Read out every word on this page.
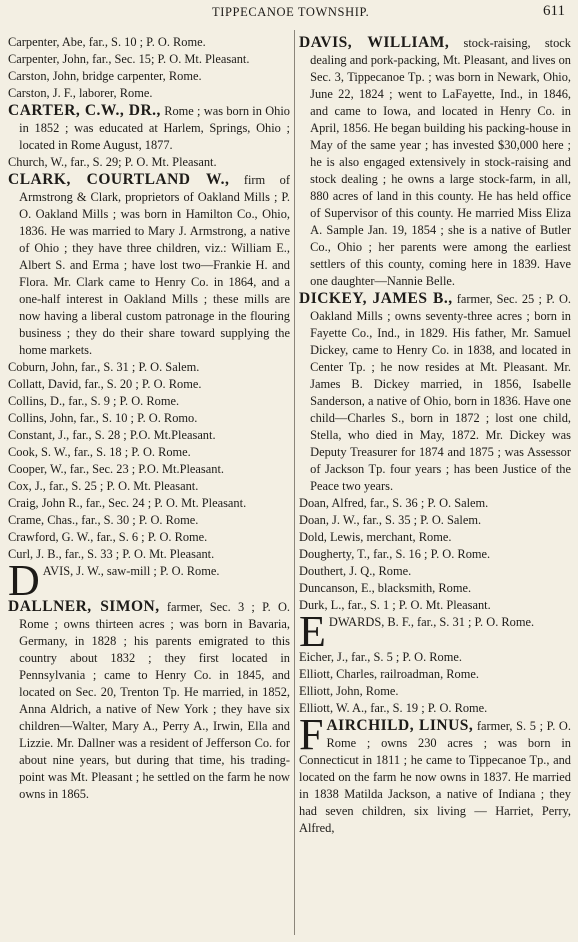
TIPPECANOE TOWNSHIP.	611
Carpenter, Abe, far., S. 10 ; P. O. Rome.
Carpenter, John, far., Sec. 15; P. O. Mt. Pleasant.
Carston, John, bridge carpenter, Rome.
Carston, J. F., laborer, Rome.
CARTER, C.W., DR., Rome ; was born in Ohio in 1852 ; was educated at Harlem, Springs, Ohio ; located in Rome August, 1877.
Church, W., far., S. 29; P. O. Mt. Pleasant.
CLARK, COURTLAND W., firm of Armstrong & Clark, proprietors of Oakland Mills ; P. O. Oakland Mills ; was born in Hamilton Co., Ohio, 1836. He was married to Mary J. Armstrong, a native of Ohio ; they have three children, viz.: William E., Albert S. and Erma ; have lost two—Frankie H. and Flora. Mr. Clark came to Henry Co. in 1864, and a one-half interest in Oakland Mills ; these mills are now having a liberal custom patronage in the flouring business ; they do their share toward supplying the home markets.
Coburn, John, far., S. 31 ; P. O. Salem.
Collatt, David, far., S. 20 ; P. O. Rome.
Collins, D., far., S. 9 ; P. O. Rome.
Collins, John, far., S. 10 ; P. O. Romo.
Constant, J., far., S. 28 ; P.O. Mt.Pleasant.
Cook, S. W., far., S. 18 ; P. O. Rome.
Cooper, W., far., Sec. 23 ; P.O. Mt.Pleasant.
Cox, J., far., S. 25 ; P. O. Mt. Pleasant.
Craig, John R., far., Sec. 24 ; P. O. Mt. Pleasant.
Crame, Chas., far., S. 30 ; P. O. Rome.
Crawford, G. W., far., S. 6 ; P. O. Rome.
Curl, J. B., far., S. 33 ; P. O. Mt. Pleasant.
DAVIS, J. W., saw-mill ; P. O. Rome.
DALLNER, SIMON, farmer, Sec. 3 ; P. O. Rome ; owns thirteen acres ; was born in Bavaria, Germany, in 1828 ; his parents emigrated to this country about 1832 ; they first located in Pennsylvania ; came to Henry Co. in 1845, and located on Sec. 20, Trenton Tp. He married, in 1852, Anna Aldrich, a native of New York ; they have six children—Walter, Mary A., Perry A., Irwin, Ella and Lizzie. Mr. Dallner was a resident of Jefferson Co. for about nine years, but during that time, his trading-point was Mt. Pleasant ; he settled on the farm he now owns in 1865.
DAVIS, WILLIAM, stock-raising, stock dealing and pork-packing, Mt. Pleasant, and lives on Sec. 3, Tippecanoe Tp. ; was born in Newark, Ohio, June 22, 1824 ; went to LaFayette, Ind., in 1846, and came to Iowa, and located in Henry Co. in April, 1856. He began building his packing-house in May of the same year ; has invested $30,000 here ; he is also engaged extensively in stock-raising and stock dealing ; he owns a large stock-farm, in all, 880 acres of land in this county. He has held office of Supervisor of this county. He married Miss Eliza A. Sample Jan. 19, 1854 ; she is a native of Butler Co., Ohio ; her parents were among the earliest settlers of this county, coming here in 1839. Have one daughter—Nannie Belle.
DICKEY, JAMES B., farmer, Sec. 25 ; P. O. Oakland Mills ; owns seventy-three acres ; born in Fayette Co., Ind., in 1829. His father, Mr. Samuel Dickey, came to Henry Co. in 1838, and located in Center Tp. ; he now resides at Mt. Pleasant. Mr. James B. Dickey married, in 1856, Isabelle Sanderson, a native of Ohio, born in 1836. Have one child—Charles S., born in 1872 ; lost one child, Stella, who died in May, 1872. Mr. Dickey was Deputy Treasurer for 1874 and 1875 ; was Assessor of Jackson Tp. four years ; has been Justice of the Peace two years.
Doan, Alfred, far., S. 36 ; P. O. Salem.
Doan, J. W., far., S. 35 ; P. O. Salem.
Dold, Lewis, merchant, Rome.
Dougherty, T., far., S. 16 ; P. O. Rome.
Douthert, J. Q., Rome.
Duncanson, E., blacksmith, Rome.
Durk, L., far., S. 1 ; P. O. Mt. Pleasant.
EDWARDS, B. F., far., S. 31 ; P. O. Rome.
Eicher, J., far., S. 5 ; P. O. Rome.
Elliott, Charles, railroadman, Rome.
Elliott, John, Rome.
Elliott, W. A., far., S. 19 ; P. O. Rome.
FAIRCHILD, LINUS, farmer, S. 5 ; P. O. Rome ; owns 230 acres ; was born in Connecticut in 1811 ; he came to Tippecanoe Tp., and located on the farm he now owns in 1837. He married in 1838 Matilda Jackson, a native of Indiana ; they had seven children, six living — Harriet, Perry, Alfred,
